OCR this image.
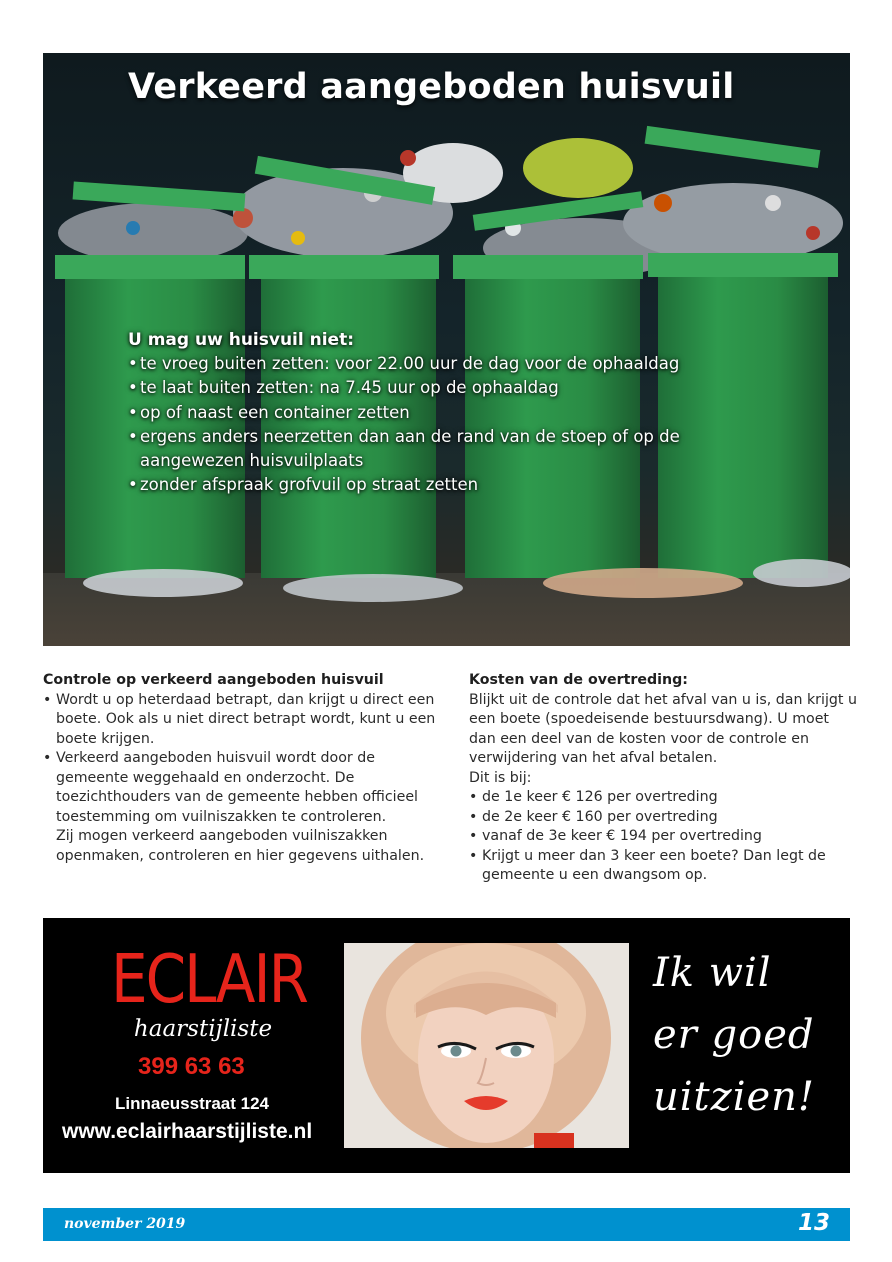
Verkeerd aangeboden huisvuil
U mag uw huisvuil niet:
• te vroeg buiten zetten: voor 22.00 uur de dag voor de ophaaldag
• te laat buiten zetten: na 7.45 uur op de ophaaldag
• op of naast een container zetten
• ergens anders neerzetten dan aan de rand van de stoep of op de aangewezen huisvuilplaats
• zonder afspraak grofvuil op straat zetten
Controle op verkeerd aangeboden huisvuil
• Wordt u op heterdaad betrapt, dan krijgt u direct een boete. Ook als u niet direct betrapt wordt, kunt u een boete krijgen.
• Verkeerd aangeboden huisvuil wordt door de gemeente weggehaald en onderzocht. De toezichthouders van de gemeente hebben officieel toestemming om vuilniszakken te controleren.
Zij mogen verkeerd aangeboden vuilniszakken openmaken, controleren en hier gegevens uithalen.
Kosten van de overtreding:

Blijkt uit de controle dat het afval van u is, dan krijgt u een boete (spoedeisende bestuursdwang). U moet dan een deel van de kosten voor de controle en verwijdering van het afval betalen.

Dit is bij:

• de 1e keer € 126 per overtreding
• de 2e keer € 160 per overtreding
• vanaf de 3e keer € 194 per overtreding
• Krijgt u meer dan 3 keer een boete? Dan legt de gemeente u een dwangsom op.
ECLAIR
haarstijliste
399 63 63
Linnaeusstraat 124
www.eclairhaarstijliste.nl
Ik wil
er goed
uitzien!
november 2019	13
